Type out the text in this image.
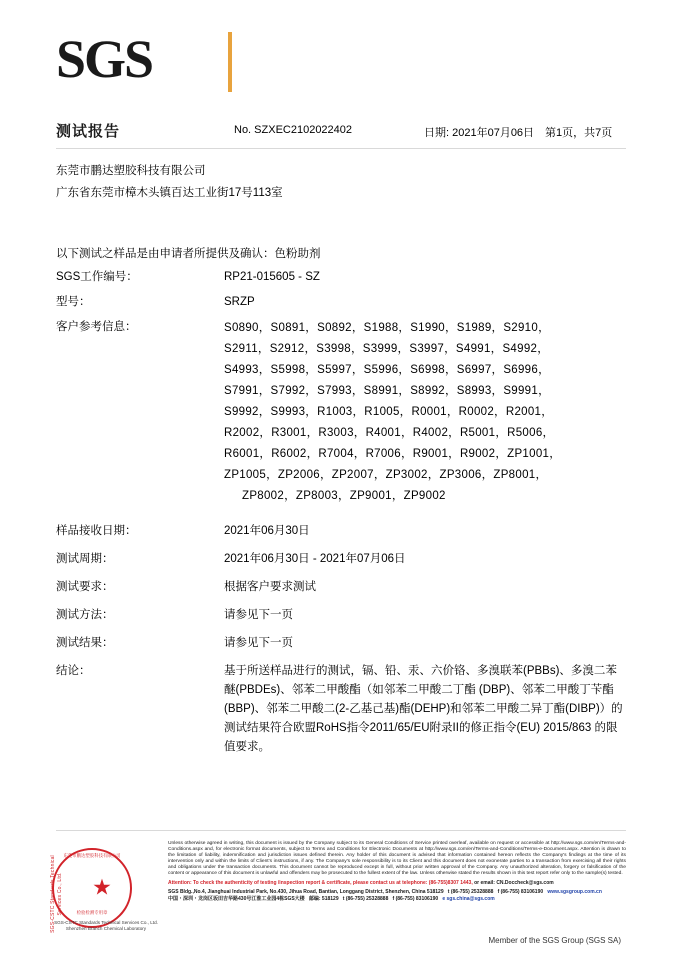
SGS
测试报告	No. SZXEC2102022402	日期: 2021年07月06日 第1页，共7页
东莞市鹏达塑胶科技有限公司
广东省东莞市樟木头镇百达工业街17号113室
以下测试之样品是由申请者所提供及确认：色粉助剂
SGS工作编号：	RP21-015605 - SZ
型号：	SRZP
客户参考信息：	S0890，S0891，S0892，S1988，S1990，S1989，S2910，
S2911，S2912，S3998，S3999，S3997，S4991，S4992，
S4993，S5998，S5997，S5996，S6998，S6997，S6996，
S7991，S7992，S7993，S8991，S8992，S8993，S9991，
S9992，S9993，R1003，R1005，R0001，R0002，R2001，
R2002，R3001，R3003，R4001，R4002，R5001，R5006，
R6001，R6002，R7004，R7006，R9001，R9002，ZP1001，
ZP1005，ZP2006，ZP2007，ZP3002，ZP3006，ZP8001，
ZP8002，ZP8003，ZP9001，ZP9002
样品接收日期：	2021年06月30日
测试周期：	2021年06月30日 - 2021年07月06日
测试要求：	根据客户要求测试
测试方法：	请参见下一页
测试结果：	请参见下一页
结论：	基于所送样品进行的测试，镉、铅、汞、六价铬、多溴联苯(PBBs)、多溴二苯醚(PBDEs)、邻苯二甲酸酯（如邻苯二甲酸二丁酯 (DBP)、邻苯二甲酸丁苄酯(BBP)、邻苯二甲酸二(2-乙基己基)酯(DEHP)和邻苯二甲酸二异丁酯(DIBP)）的测试结果符合欧盟RoHS指令2011/65/EU附录II的修正指令(EU) 2015/863 的限值要求。
东莞市鹏达塑胶科技有限公司
检验检测专用章
★
SGS-CSTC Standards Technical Services Co., Ltd.
SGS-CSTC Standards Technical Services Co., Ltd.
Shenzhen Branch Chemical Laboratory
Unless otherwise agreed in writing, this document is issued by the Company subject to its General Conditions of Service printed overleaf, available on request or accessible at http://www.sgs.com/en/Terms-and-Conditions.aspx and, for electronic format documents, subject to Terms and Conditions for Electronic Documents at http://www.sgs.com/en/Terms-and-Conditions/Terms-e-Document.aspx. Attention is drawn to the limitation of liability, indemnification and jurisdiction issues defined therein. Any holder of this document is advised that information contained hereon reflects the Company's findings at the time of its intervention only and within the limits of Client's instructions, if any. The Company's sole responsibility is to its Client and this document does not exonerate parties to a transaction from exercising all their rights and obligations under the transaction documents. This document cannot be reproduced except in full, without prior written approval of the Company. Any unauthorized alteration, forgery or falsification of the content or appearance of this document is unlawful and offenders may be prosecuted to the fullest extent of the law. Unless otherwise stated the results shown in this test report refer only to the sample(s) tested.
Attention: To check the authenticity of testing /inspection report & certificate, please contact us at telephone: (86-755)8307 1443, or email: CN.Doccheck@sgs.com
SGS Bldg.,No.4, Jianghuai Industrial Park, No.430, Jihua Road, Bantian, Longgang District, Shenzhen, China 518129 t (86-755) 25328888 f (86-755) 83106190 www.sgsgroup.com.cn
中国・深圳・龙岗区坂田吉华路430号江淮工业园4栋SGS大楼 邮编: 518129 t (86-755) 25328888 f (86-755) 83106190 e sgs.china@sgs.com
Member of the SGS Group (SGS SA)
